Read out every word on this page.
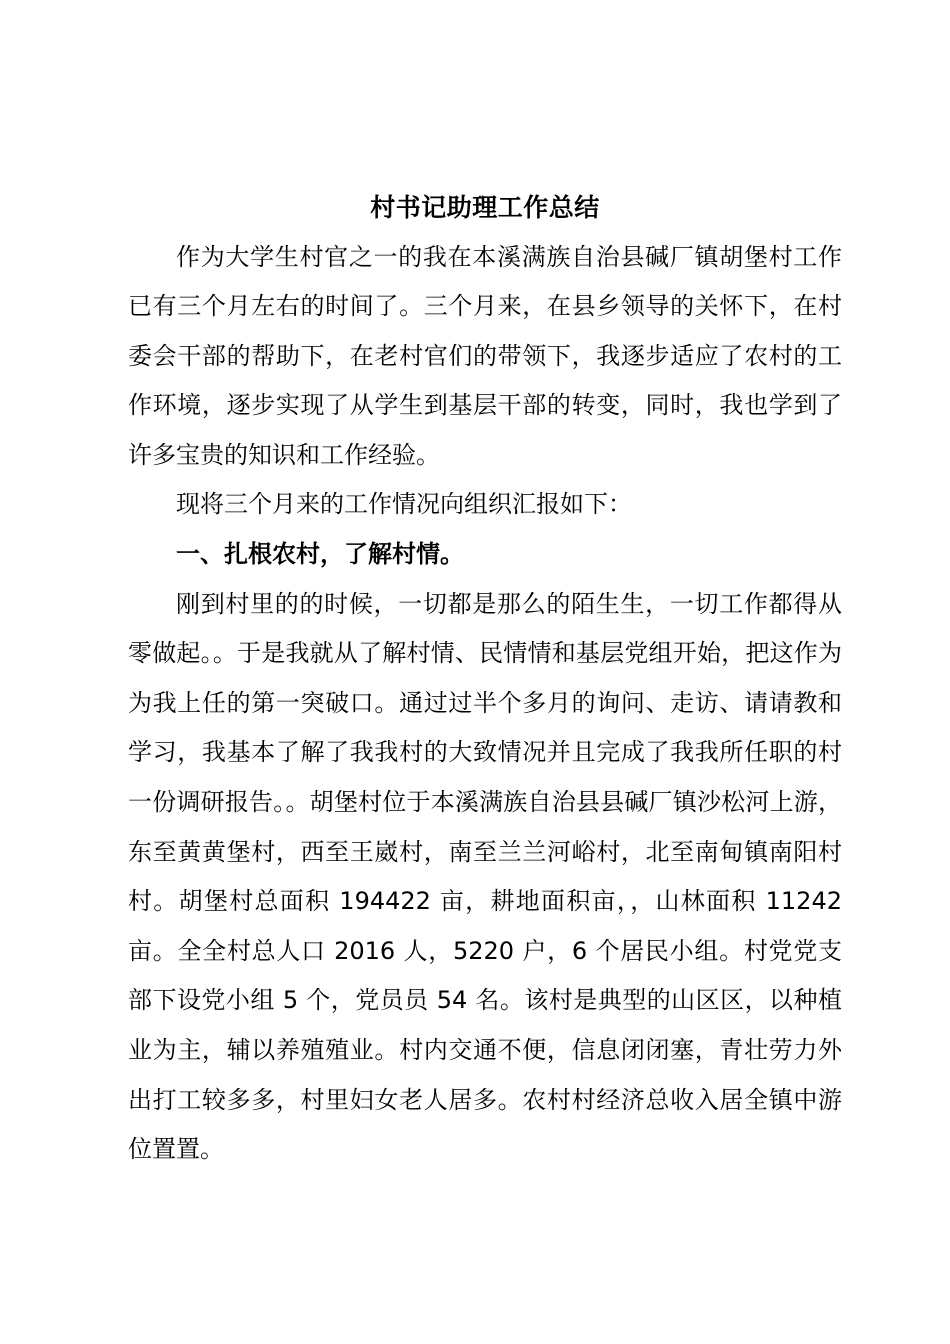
村书记助理工作总结

作为大学生村官之一的我在本溪满族自治县碱厂镇胡堡村工作已有三个月左右的时间了。三个月来，在县乡领导的关怀下，在村委会干部的帮助下，在老村官们的带领下，我逐步适应了农村的工作环境，逐步实现了从学生到基层干部的转变，同时，我也学到了许多宝贵的知识和工作经验。

现将三个月来的工作情况向组织汇报如下：

一、扎根农村，了解村情。

刚到村里的的时候，一切都是那么的陌生生，一切工作都得从零做起。。于是我就从了解村情、民情情和基层党组开始，把这作为为我上任的第一突破口。通过过半个多月的询问、走访、请请教和学习，我基本了解了我我村的大致情况并且完成了我我所任职的村一份调研报告。。胡堡村位于本溪满族自治县县碱厂镇沙松河上游，东至黄黄堡村，西至王崴村，南至兰兰河峪村，北至南甸镇南阳村村。胡堡村总面积 194422 亩，耕地面积亩，，山林面积 11242 亩。全全村总人口 2016 人，5220 户，6 个居民小组。村党党支部下设党小组 5 个，党员员 54 名。该村是典型的山区区，以种植业为主，辅以养殖殖业。村内交通不便，信息闭闭塞，青壮劳力外出打工较多多，村里妇女老人居多。农村村经济总收入居全镇中游位置置。
